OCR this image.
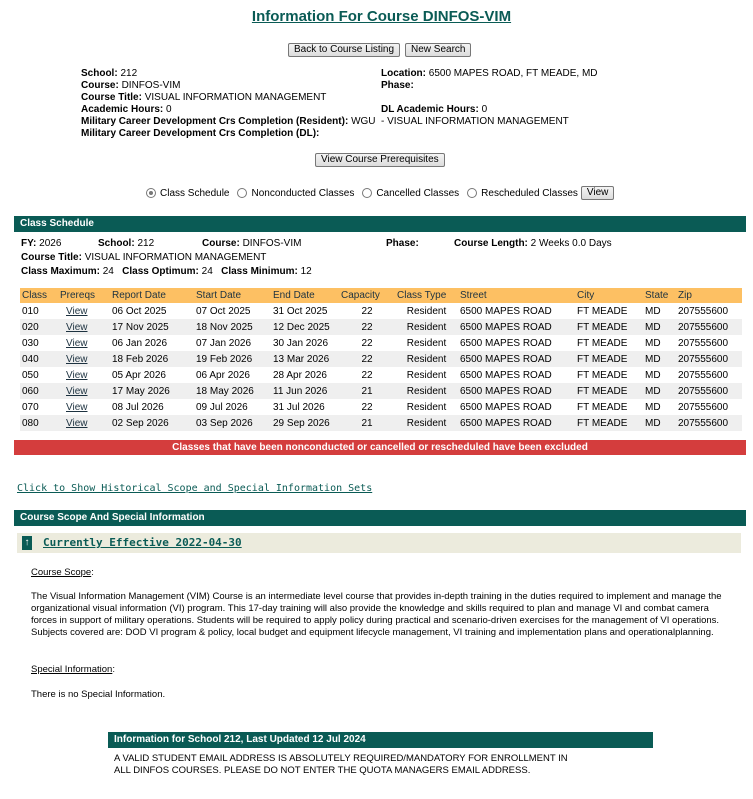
Information For Course DINFOS-VIM
Back to Course Listing	New Search
School: 212
Course: DINFOS-VIM
Course Title: VISUAL INFORMATION MANAGEMENT
Academic Hours: 0
Military Career Development Crs Completion (Resident): WGU
Military Career Development Crs Completion (DL):
Location: 6500 MAPES ROAD, FT MEADE, MD
Phase:
DL Academic Hours: 0
- VISUAL INFORMATION MANAGEMENT
View Course Prerequisites
Class Schedule Nonconducted Classes Cancelled Classes Rescheduled Classes View
Class Schedule
FY: 2026	School: 212	Course: DINFOS-VIM	Phase:	Course Length: 2 Weeks 0.0 Days
Course Title: VISUAL INFORMATION MANAGEMENT
Class Maximum: 24 Class Optimum: 24 Class Minimum: 12
Class	Prereqs	Report Date	Start Date	End Date	Capacity	Class Type	Street	City	State	Zip
010	View	06 Oct 2025	07 Oct 2025	31 Oct 2025	22	Resident	6500 MAPES ROAD	FT MEADE	MD	207555600
020	View	17 Nov 2025	18 Nov 2025	12 Dec 2025	22	Resident	6500 MAPES ROAD	FT MEADE	MD	207555600
030	View	06 Jan 2026	07 Jan 2026	30 Jan 2026	22	Resident	6500 MAPES ROAD	FT MEADE	MD	207555600
040	View	18 Feb 2026	19 Feb 2026	13 Mar 2026	22	Resident	6500 MAPES ROAD	FT MEADE	MD	207555600
050	View	05 Apr 2026	06 Apr 2026	28 Apr 2026	22	Resident	6500 MAPES ROAD	FT MEADE	MD	207555600
060	View	17 May 2026	18 May 2026	11 Jun 2026	21	Resident	6500 MAPES ROAD	FT MEADE	MD	207555600
070	View	08 Jul 2026	09 Jul 2026	31 Jul 2026	22	Resident	6500 MAPES ROAD	FT MEADE	MD	207555600
080	View	02 Sep 2026	03 Sep 2026	29 Sep 2026	21	Resident	6500 MAPES ROAD	FT MEADE	MD	207555600
Classes that have been nonconducted or cancelled or rescheduled have been excluded
Click to Show Historical Scope and Special Information Sets
Course Scope And Special Information
↑ Currently Effective 2022-04-30
Course Scope:
The Visual Information Management (VIM) Course is an intermediate level course that provides in-depth training in the duties required to implement and manage the organizational visual information (VI) program. This 17-day training will also provide the knowledge and skills required to plan and manage VI and combat camera forces in support of military operations. Students will be required to apply policy during practical and scenario-driven exercises for the management of VI operations. Subjects covered are: DOD VI program & policy, local budget and equipment lifecycle management, VI training and implementation plans and operationalplanning.
Special Information:
There is no Special Information.
Information for School 212, Last Updated 12 Jul 2024
A VALID STUDENT EMAIL ADDRESS IS ABSOLUTELY REQUIRED/MANDATORY FOR ENROLLMENT IN ALL DINFOS COURSES. PLEASE DO NOT ENTER THE QUOTA MANAGERS EMAIL ADDRESS.
